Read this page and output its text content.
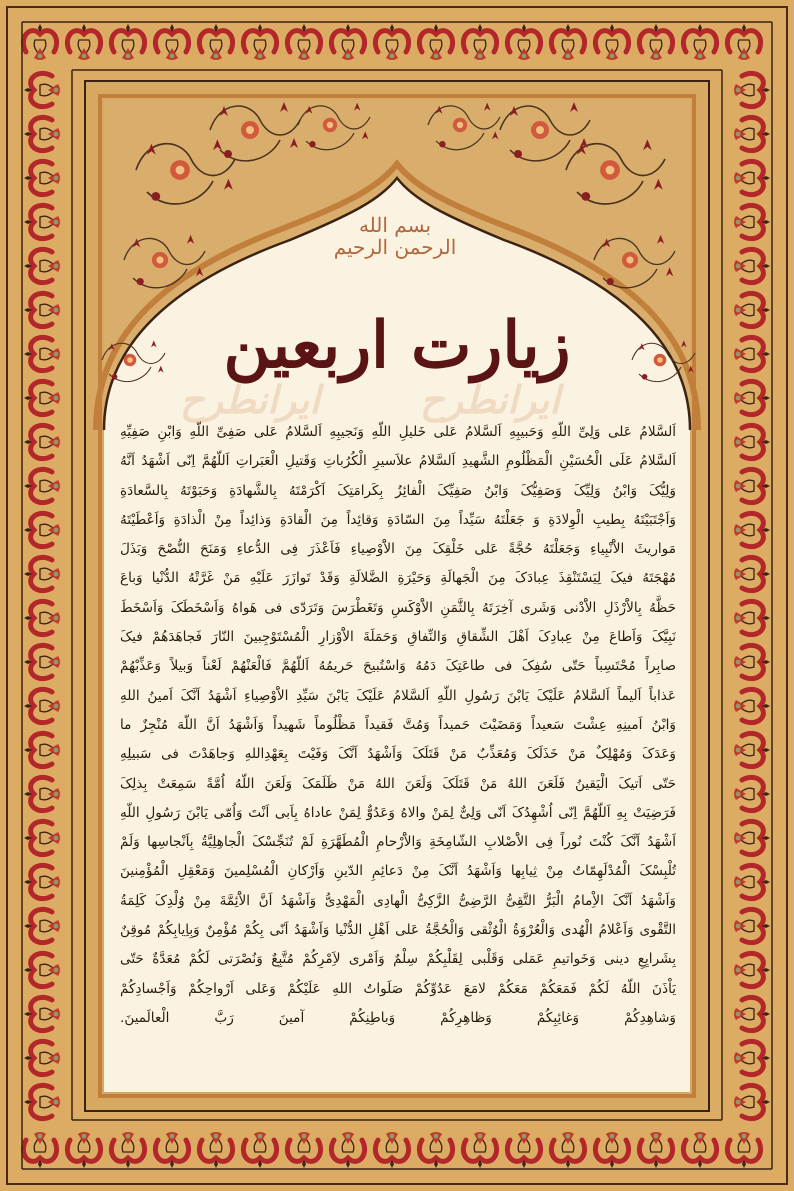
بسم الله الرحمن الرحیم
زیارت اربعین
ایرانطرح	ایرانطرح
اَلسَّلامُ عَلی وَلِیِّ اللّهِ وَحَبیبِهِ اَلسَّلامُ عَلی خَلیلِ اللّهِ وَنَجیبِهِ اَلسَّلامُ عَلی صَفِیِّ اللّهِ وَابْنِ صَفِیِّهِ
اَلسَّلامُ عَلَی الْحُسَیْنِ الْمَظْلُومِ الشَّهیدِ اَلسَّلامُ علاَسیرِ الْکُرُباتِ وَقَتیلِ الْعَبَراتِ اَللّهُمَّ اِنّی اَشْهَدُ اَنَّهُ
وَلِیُّکَ وَابْنُ وَلِیِّکَ وَصَفِیُّکَ وَابْنُ صَفِیِّکَ الْفائِزُ بِکَرامَتِکَ اَکْرَمْتَهُ بِالشَّهادَةِ وَحَبَوْتَهُ بِالسَّعادَةِ
وَاَجْتَبَیْتَهُ بِطیبِ الْوِلادَةِ وَ جَعَلْتَهُ سَیِّداً مِنَ السّادَةِ وَقائِداً مِنَ الْقادَةِ وَذائِداً مِنْ الْذادَةِ وَاَعْطَیْتَهُ
مَواریثَ الاَْنْبِیاءِ وَجَعَلْتَهُ حُجَّةً عَلی خَلْقِکَ مِنَ الاَْوْصِیاءِ فَاَعْذَرَ فِی الدُّعاءِ وَمَنَحَ النُّصْحَ وَبَذَلَ
مُهْجَتَهُ فیکَ لِیَسْتَنْقِذَ عِبادَکَ مِنَ الْجَهالَةِ وَحَیْرَةِ الضَّلالَةِ وَقَدْ تَوازَرَ عَلَیْهِ مَنْ غَرَّتْهُ الدُّنْیا وَباعَ
حَظَّهُ بِالاَْرْذَلِ الاَْدْنی وَشَری آخِرَتَهُ بِالثَّمَنِ الاَْوْکَسِ وَتَغَطْرَسَ وَتَرَدّی فی هَواهُ وَاَسْخَطَکَ وَاَسْخَطَ
نَبِیَّکَ وَاَطاعَ مِنْ عِبادِکَ اَهْلَ الشِّقاقِ وَالنِّفاقِ وَحَمَلَةَ الاَْوْزارِ الْمُسْتَوْجِبینَ النّارَ فَجاهَدَهُمْ فیکَ
صابِراً مُحْتَسِباً حَتّی سُفِکَ فی طاعَتِکَ دَمُهُ وَاسْتُبیحَ حَریمُهُ اَللّهُمَّ فَالْعَنْهُمْ لَعْناً وَبیلاً وَعَذِّبْهُمْ
عَذاباً اَلیماً اَلسَّلامُ عَلَیْکَ یَابْنَ رَسُولِ اللّهِ اَلسَّلامُ عَلَیْکَ یَابْنَ سَیِّدِ الاَْوْصِیاءِ اَشْهَدُ اَنَّکَ اَمینُ اللهِ
وَابْنُ اَمینِهِ عِشْتَ سَعیداً وَمَضَیْتَ حَمیداً وَمُتَّ فَقیداً مَظْلُوماً شَهیداً وَاَشْهَدُ اَنَّ اللّهَ مُنْجِزٌ ما
وَعَدَکَ وَمُهْلِکٌ مَنْ خَذَلَکَ وَمُعَذِّبٌ مَنْ قَتَلَکَ وَاَشْهَدُ اَنَّکَ وَفَیْتَ بِعَهْدِاللهِ وَجاهَدْتَ فی سَبیلِهِ
حَتّی اَتیکَ الْیَقینُ فَلَعَنَ اللهُ مَنْ قَتَلَکَ وَلَعَنَ اللهُ مَنْ ظَلَمَکَ وَلَعَنَ اللّهُ اُمَّةً سَمِعَتْ بِذلِکَ
فَرَضِیَتْ بِهِ اَللّهُمَّ اِنّی اُشْهِدُکَ اَنّی وَلِیٌّ لِمَنْ والاهُ وَعَدُوٌّ لِمَنْ عاداهُ بِاَبی اَنْتَ وَاُمّی یَابْنَ رَسُولِ اللّهِ
اَشْهَدُ اَنَّکَ کُنْتَ نُوراً فِی الاَْصْلابِ الشّامِخَةِ وَالاَْرْحامِ الْمُطَهَّرَةِ لَمْ تُنَجِّسْکَ الْجاهِلِیَّةُ بِاَنْجاسِها وَلَمْ
تُلْبِسْکَ الْمُدْلَهِمّاتُ مِنْ ثِیابِها وَاَشْهَدُ اَنَّکَ مِنْ دَعائِمِ الدّینِ وَاَرْکانِ الْمُسْلِمینَ وَمَعْقِلِ الْمُؤْمِنینَ
وَاَشْهَدُ اَنَّکَ الاِْمامُ الْبَرُّ التَّقِیُّ الرَّضِیُّ الزَّکِیُّ الْهادِی الْمَهْدِیُّ وَاَشْهَدُ اَنَّ الاَْئِمَّةَ مِنْ وُلْدِکَ کَلِمَةُ
التَّقْوی وَاَعْلامُ الْهُدی وَالْعُرْوَةُ الْوُثْقی وَالْحُجَّةُ عَلی اَهْلِ الدُّنْیا وَاَشْهَدُ اَنّی بِکُمْ مُؤْمِنٌ وَبِاِیابِکُمْ مُوقِنٌ
بِشَرایِعِ دینی وَخَواتیمِ عَمَلی وَقَلْبی لِقَلْبِکُمْ سِلْمٌ وَاَمْری لاَِمْرِکُمْ مُتَّبِعٌ وَنُصْرَتی لَکُمْ مُعَدَّةٌ حَتّی
یَاْذَنَ اللّهُ لَکُمْ فَمَعَکُمْ مَعَکُمْ لامَعَ عَدُوِّکُمْ صَلَواتُ اللهِ عَلَیْکُمْ وَعَلی اَرْواحِکُمْ وَاَجْسادِکُمْ
وَشاهِدِکُمْ
وَغائِبِکُمْ
وَظاهِرِکُمْ
وَباطِنِکُمْ
آمینَ
رَبَّ
الْعالَمینَ.
